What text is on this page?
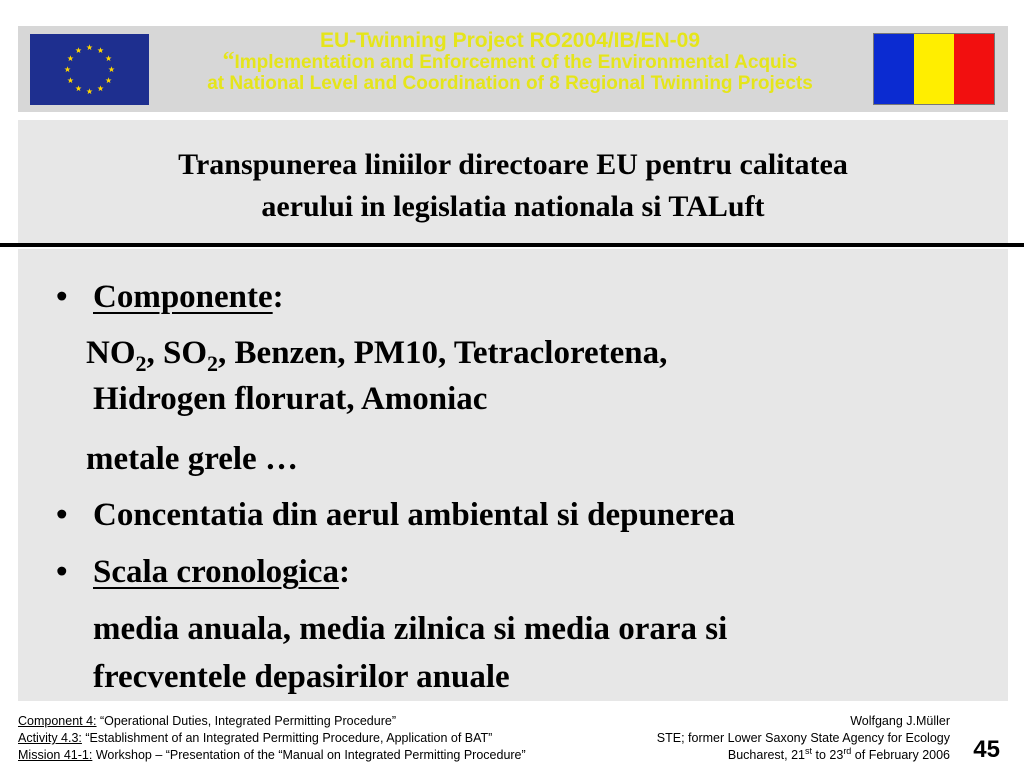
EU-Twinning Project RO2004/IB/EN-09
“Implementation and Enforcement of the Environmental Acquis
at National Level and Coordination of 8 Regional Twinning Projects
Transpunerea liniilor directoare EU pentru calitatea
aerului in legislatia nationala si TALuft
• Componente:
$NO_2$, $SO_2$, Benzen, PM10, Tetracloretena,
Hidrogen florurat, Amoniac
metale grele …
• Concentatia din aerul ambiental si depunerea
• Scala cronologica:
media anuala, media zilnica si media orara si
frecventele depasirilor anuale
Component 4: “Operational Duties, Integrated Permitting Procedure”
Activity 4.3: “Establishment of an Integrated Permitting Procedure, Application of BAT”
Mission 41-1: Workshop – “Presentation of the “Manual on Integrated Permitting Procedure”
Wolfgang J.Müller
STE; former Lower Saxony State Agency for Ecology
Bucharest, 21st to 23rd of February 2006 45
